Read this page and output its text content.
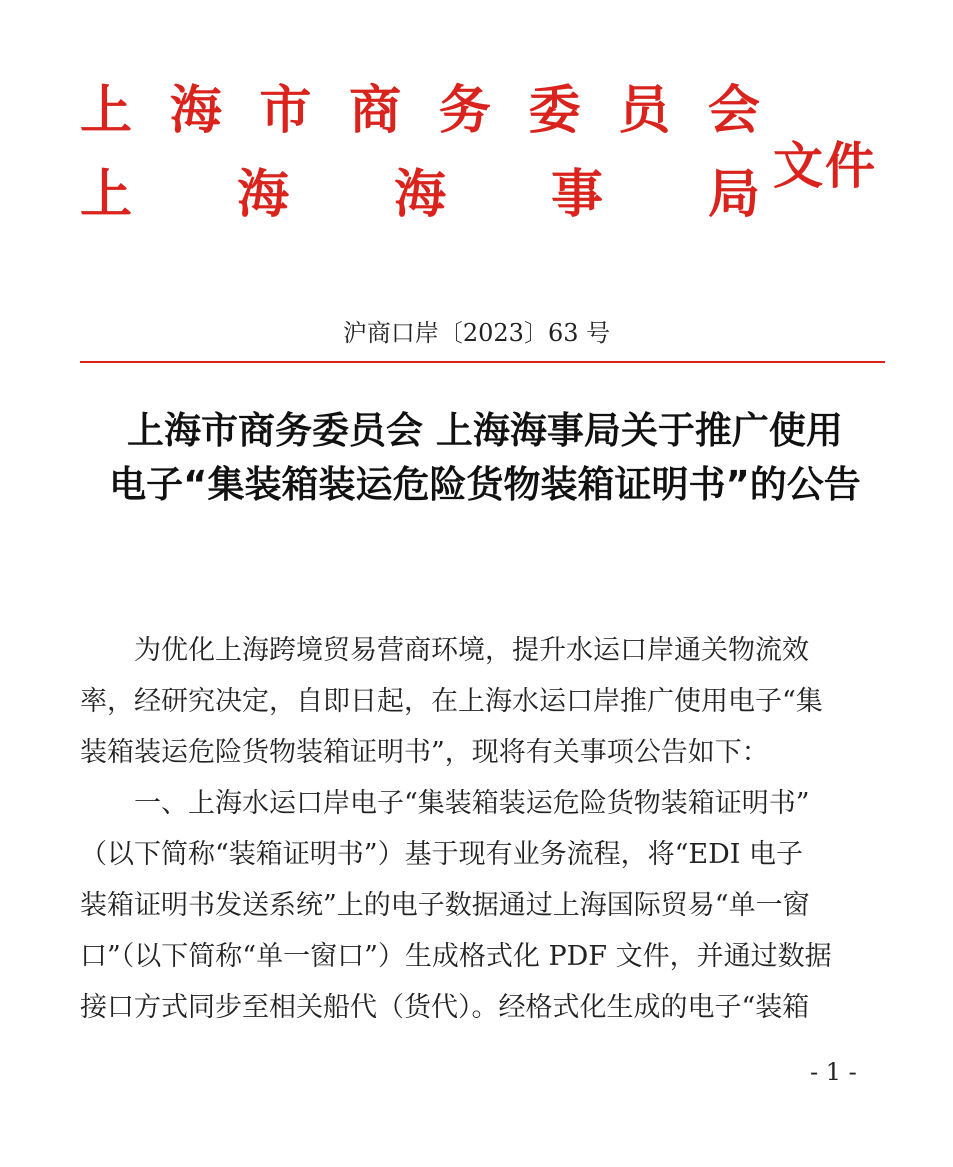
上 海 市 商 务 委 员 会
上 海 海 事 局 文件
沪商口岸〔2023〕63 号
上海市商务委员会 上海海事局关于推广使用
电子“集装箱装运危险货物装箱证明书”的公告
为优化上海跨境贸易营商环境，提升水运口岸通关物流效
率，经研究决定，自即日起，在上海水运口岸推广使用电子“集
装箱装运危险货物装箱证明书”，现将有关事项公告如下：
一、上海水运口岸电子“集装箱装运危险货物装箱证明书”
（以下简称“装箱证明书”）基于现有业务流程，将“EDI 电子
装箱证明书发送系统”上的电子数据通过上海国际贸易“单一窗
口”（以下简称“单一窗口”）生成格式化 PDF 文件，并通过数据
接口方式同步至相关船代（货代）。经格式化生成的电子“装箱
- 1 -
